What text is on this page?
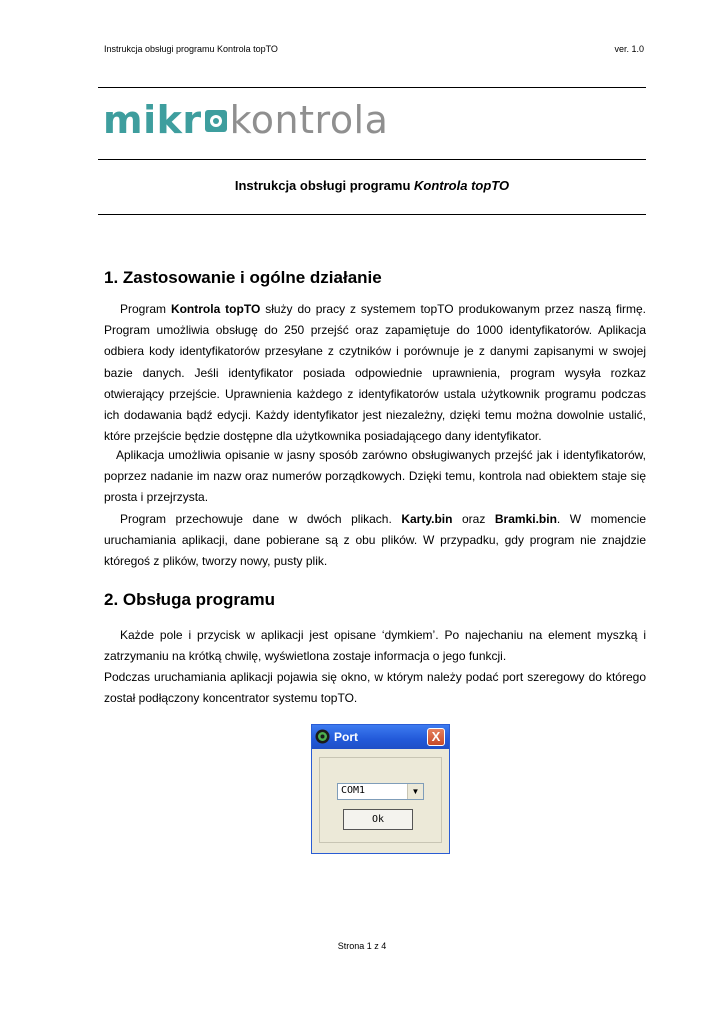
Instrukcja obsługi programu Kontrola topTO	ver. 1.0
mikr kontrola
Instrukcja obsługi programu Kontrola topTO
1. Zastosowanie i ogólne działanie

Program Kontrola topTO służy do pracy z systemem topTO produkowanym przez naszą firmę. Program umożliwia obsługę do 250 przejść oraz zapamiętuje do 1000 identyfikatorów. Aplikacja odbiera kody identyfikatorów przesyłane z czytników i porównuje je z danymi zapisanymi w swojej bazie danych. Jeśli identyfikator posiada odpowiednie uprawnienia, program wysyła rozkaz otwierający przejście. Uprawnienia każdego z identyfikatorów ustala użytkownik programu podczas ich dodawania bądź edycji. Każdy identyfikator jest niezależny, dzięki temu można dowolnie ustalić, które przejście będzie dostępne dla użytkownika posiadającego dany identyfikator.

Aplikacja umożliwia opisanie w jasny sposób zarówno obsługiwanych przejść jak i identyfikatorów, poprzez nadanie im nazw oraz numerów porządkowych. Dzięki temu, kontrola nad obiektem staje się prosta i przejrzysta.

Program przechowuje dane w dwóch plikach. Karty.bin oraz Bramki.bin. W momencie uruchamiania aplikacji, dane pobierane są z obu plików. W przypadku, gdy program nie znajdzie któregoś z plików, tworzy nowy, pusty plik.

2. Obsługa programu

Każde pole i przycisk w aplikacji jest opisane ‘dymkiem’. Po najechaniu na element myszką i zatrzymaniu na krótką chwilę, wyświetlona zostaje informacja o jego funkcji.

Podczas uruchamiania aplikacji pojawia się okno, w którym należy podać port szeregowy do którego został podłączony koncentrator systemu topTO.

Port	X
COM1	▼
Ok
Strona 1 z 4
